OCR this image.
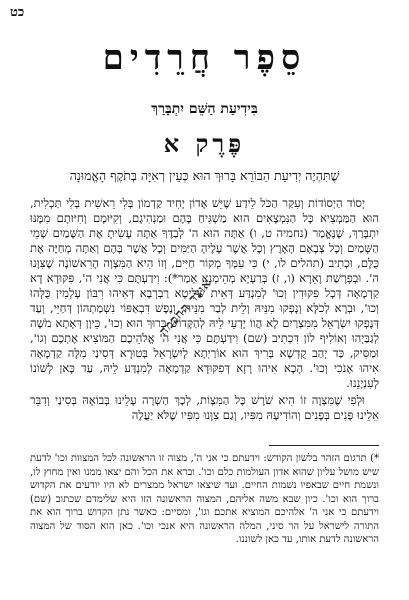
כט
סֵפֶר חֲרֵדִים
בִּידִיעַת הַשֵּׁם יִתְבָּרַךְ
פֶּרֶק א
שֶׁתִּהְיֶה יְדִיעַת הַבּוֹרֵא בָּרוּךְ הוּא כְּעֵין רְאִיָּה בְּתֹקֶף הָאֱמוּנָה

יְסוֹד הַיְסוֹדוֹת וְעִקַּר הַכֹּל לֵידַע שֶׁיֵּשׁ אָדוֹן יָחִיד קַדְמוֹן בְּלִי רֵאשִׁית בְּלִי תַּכְלִית, הוּא הַמַּמְצִיא כָּל הַנִּמְצָאִים הוּא מַשְׁגִּיחַ בָּהֶם וּמַנְהִיגָם, וְקִיּוּמָם וְחִיּוּתָם מִמֶּנּוּ יִתְבָּרַךְ, שֶׁנֶּאֱמַר (נחמיה ט, ו) אַתָּה הוּא ה' לְבַדֶּךָ אַתָּה עָשִׂיתָ אֶת הַשָּׁמַיִם שְׁמֵי הַשָּׁמַיִם וְכָל צְבָאָם הָאָרֶץ וְכָל אֲשֶׁר עָלֶיהָ הַיַּמִּים וְכָל אֲשֶׁר בָּהֶם וְאַתָּה מְחַיֶּה אֶת כֻּלָּם, וּכְתִיב (תהלים לו, י) כִּי עִמְּךָ מְקוֹר חַיִּים, וְזוֹ הִיא הַמִּצְוָה הָרִאשׁוֹנָה שֶׁצִּוָּנוּ ה'. וּבְפָרָשַׁת וָאֵרָא (ו, ז) בְּרַעְיָא מְהֵימְנָא אָמַר*): וִידַעְתֶּם כִּי אֲנִי ה', פִּקּוּדָא דָא קַדְמָאָה דְּכָל פִּקּוּדִין וְכוּ' לְמִנְדַּע דְּאִית שַׁלִּיטָא רַבְרְבָא דְּאִיהוּ רִבּוֹן עָלְמִין כֻּלְּהוּ וְכוּ', וּבְרָא לְכֹלָּא וְנָפְקוּ מִנֵּיהּ וְלֵית לְבַר מִנֵּיהּ, וְנֶפֶשׁ דִּבְאַפּוֹי נִשְׁמַתְהוֹן דְּחַיֵּי, וְעַד דְּנָפְקוּ יִשְׂרָאֵל מִמִּצְרַיִם לָא הֲווֹ יָדְעֵי לֵיהּ לְהַקָּדוֹשׁ בָּרוּךְ הוּא וְכוּ', כֵּיוָן דְּאָתָא מֹשֶׁה לְגַבַּיְהוּ וְאוֹלִיף לוֹן דִּכְתִיב (שם) וִידַעְתֶּם כִּי אֲנִי ה' אֱלֹהֵיכֶם הַמּוֹצִיא אֶתְכֶם וְגוֹ', וּמַסִּיק, כַּד יְהַב קֻדְשָׁא בְּרִיךְ הוּא אוֹרַיְתָא לְיִשְׂרָאֵל בְּטוּרָא דְּסִינַי מִלָּה קַדְמָאָה אִיהוּ אָנֹכִי וְכוּ'. הָכָא אִיהוּ רָזָא דְּפִקּוּדָא קַדְמָאָה לְמִנְדַּע לֵיהּ, עַד כָּאן לְשׁוֹנוֹ לְעִנְיָנֵנוּ.

וּלְפִי שֶׁמִּצְוָה זוֹ הִיא שֹׁרֶשׁ כָּל הַמִּצְוֹת, לְכָךְ הַשְׁרָה עָלֵינוּ בְּבוֹאָהּ בְּסִינַי וְדִבֵּר אֵלֵינוּ פָּנִים בְּפָנִים וְהוֹדִיעָהּ מִפִּיו, וְגַם צִוָּנוּ מִפִּיו שֶׁלֹּא יַעֲלֶה

*) תרגום הזהר בלשון הקודש: וידעתם כי אני ה', מצוה זו הראשונה לכל המצוות וכו' לדעת שיש מושל עליון שהוא אדון העולמות כלם וכו'. וברא את הכל והם יצאו ממנו ואין מחוץ לו, ונשמת חיים שבאפיו נשמות החיים. ועד שיצאו ישראל ממצרים לא היו יודעים את הקדוש ברוך הוא וכו'. כיון שבא משה אליהם, המצוה הראשונה הזו היא שלימדם שכתוב (שם) וידעתם כי אני ה' אלהיכם המוציא אתכם וגו', ומסיים: כאשר נתן הקדוש ברוך הוא את התורה לישראל על הר סיני, המלה הראשונה היא אנכי וכו'. כאן הוא הסוד של המצוה הראשונה לדעת אותו, עד כאן לשוננו.
אוצר החכמה
